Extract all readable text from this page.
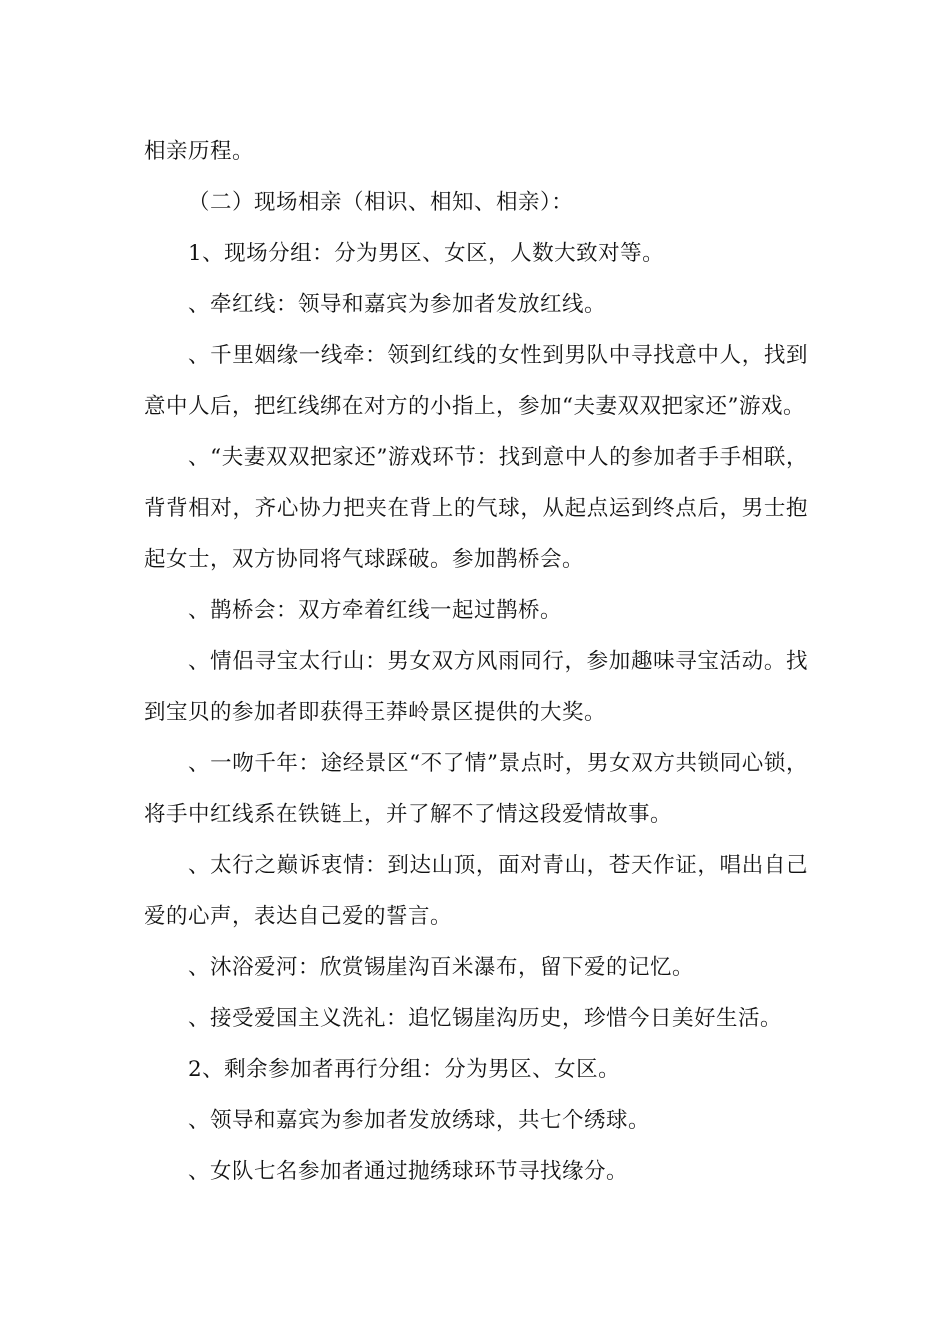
相亲历程。

（二）现场相亲（相识、相知、相亲）：

1、现场分组：分为男区、女区，人数大致对等。

、牵红线：领导和嘉宾为参加者发放红线。

、千里姻缘一线牵：领到红线的女性到男队中寻找意中人，找到意中人后，把红线绑在对方的小指上，参加“夫妻双双把家还”游戏。

、“夫妻双双把家还”游戏环节：找到意中人的参加者手手相联，背背相对，齐心协力把夹在背上的气球，从起点运到终点后，男士抱起女士，双方协同将气球踩破。参加鹊桥会。

、鹊桥会：双方牵着红线一起过鹊桥。

、情侣寻宝太行山：男女双方风雨同行，参加趣味寻宝活动。找到宝贝的参加者即获得王莽岭景区提供的大奖。

、一吻千年：途经景区“不了情”景点时，男女双方共锁同心锁，将手中红线系在铁链上，并了解不了情这段爱情故事。

、太行之巅诉衷情：到达山顶，面对青山，苍天作证，唱出自己爱的心声，表达自己爱的誓言。

、沐浴爱河：欣赏锡崖沟百米瀑布，留下爱的记忆。

、接受爱国主义洗礼：追忆锡崖沟历史，珍惜今日美好生活。

2、剩余参加者再行分组：分为男区、女区。

、领导和嘉宾为参加者发放绣球，共七个绣球。

、女队七名参加者通过抛绣球环节寻找缘分。
